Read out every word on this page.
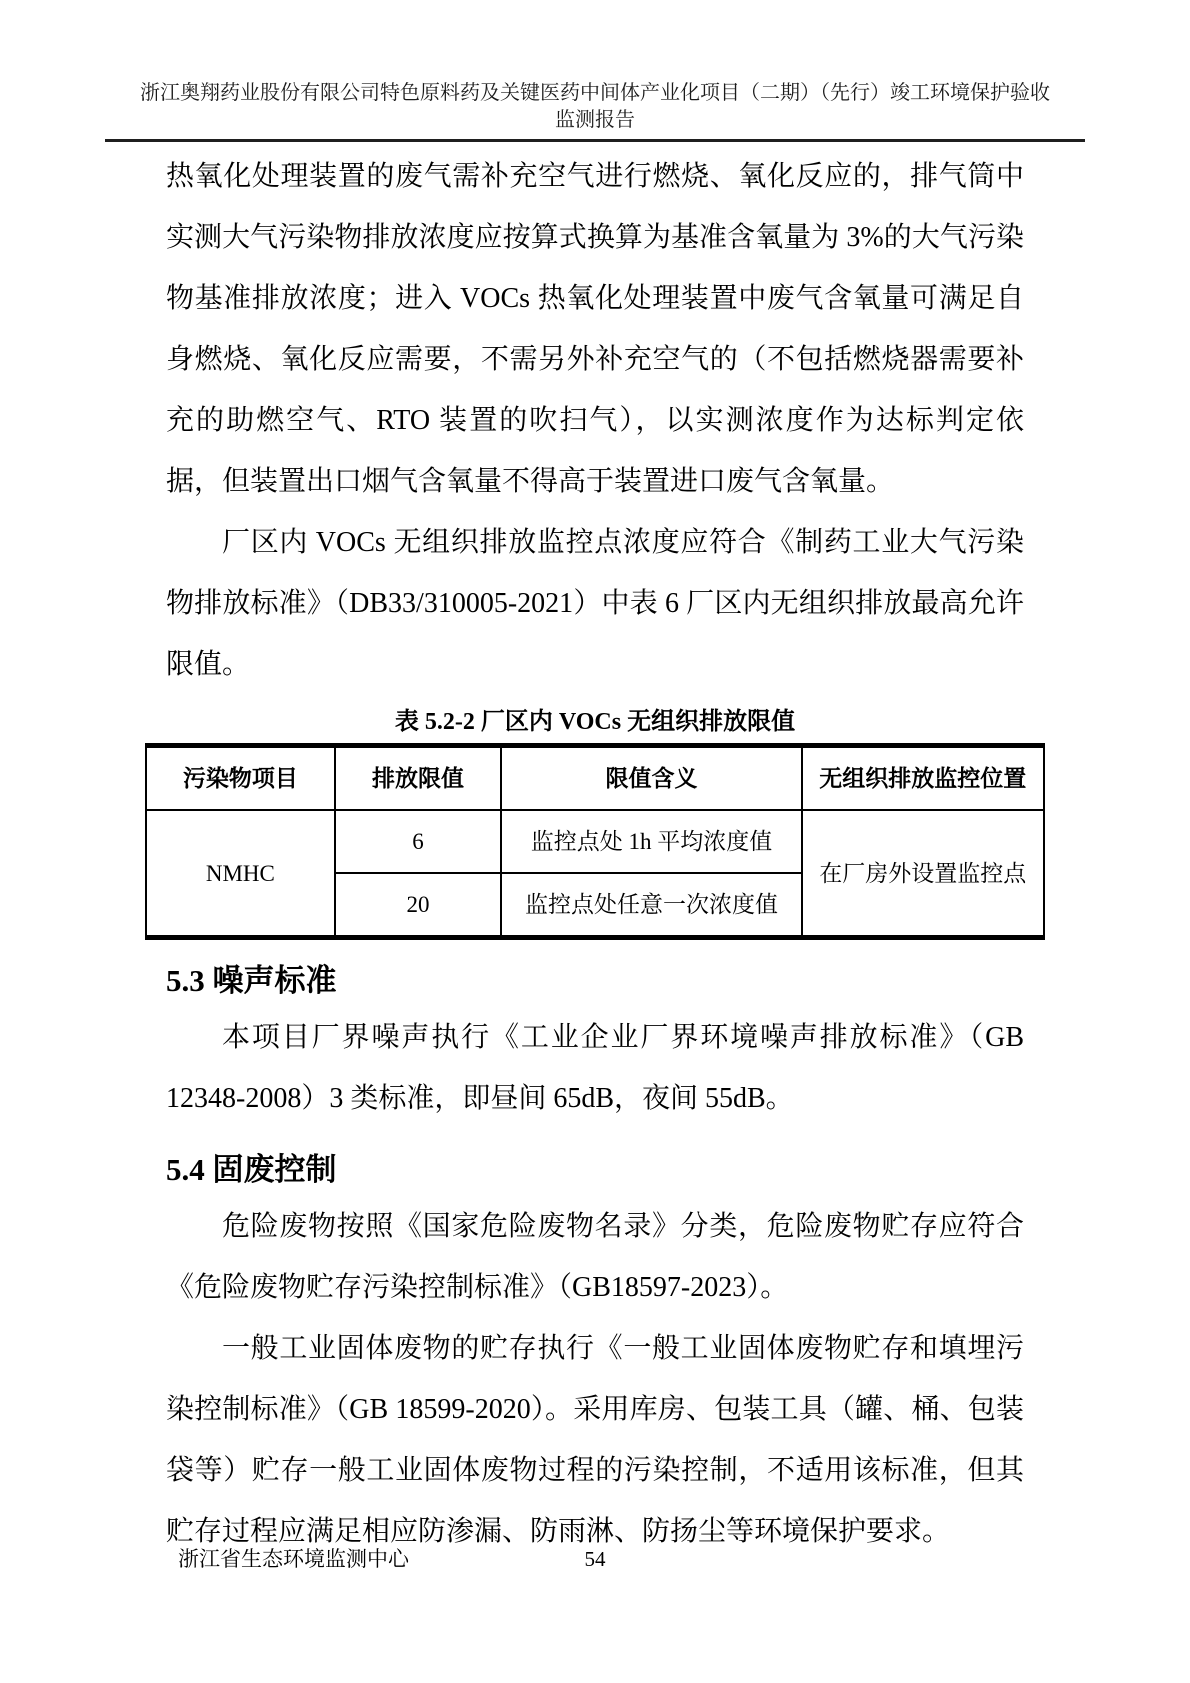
浙江奥翔药业股份有限公司特色原料药及关键医药中间体产业化项目（二期）（先行）竣工环境保护验收
监测报告

热氧化处理装置的废气需补充空气进行燃烧、氧化反应的，排气筒中实测大气污染物排放浓度应按算式换算为基准含氧量为 3%的大气污染物基准排放浓度；进入 VOCs 热氧化处理装置中废气含氧量可满足自身燃烧、氧化反应需要，不需另外补充空气的（不包括燃烧器需要补充的助燃空气、RTO 装置的吹扫气），以实测浓度作为达标判定依据，但装置出口烟气含氧量不得高于装置进口废气含氧量。

厂区内 VOCs 无组织排放监控点浓度应符合《制药工业大气污染物排放标准》（DB33/310005-2021）中表 6 厂区内无组织排放最高允许限值。

表 5.2-2 厂区内 VOCs 无组织排放限值
污染物项目	排放限值	限值含义	无组织排放监控位置
NMHC	6	监控点处 1h 平均浓度值	在厂房外设置监控点
	20	监控点处任意一次浓度值	
5.3 噪声标准

本项目厂界噪声执行《工业企业厂界环境噪声排放标准》（GB 12348-2008）3 类标准，即昼间 65dB，夜间 55dB。

5.4 固废控制

危险废物按照《国家危险废物名录》分类，危险废物贮存应符合《危险废物贮存污染控制标准》（GB18597-2023）。

一般工业固体废物的贮存执行《一般工业固体废物贮存和填埋污染控制标准》（GB 18599-2020）。采用库房、包装工具（罐、桶、包装袋等）贮存一般工业固体废物过程的污染控制，不适用该标准，但其贮存过程应满足相应防渗漏、防雨淋、防扬尘等环境保护要求。

浙江省生态环境监测中心	54
